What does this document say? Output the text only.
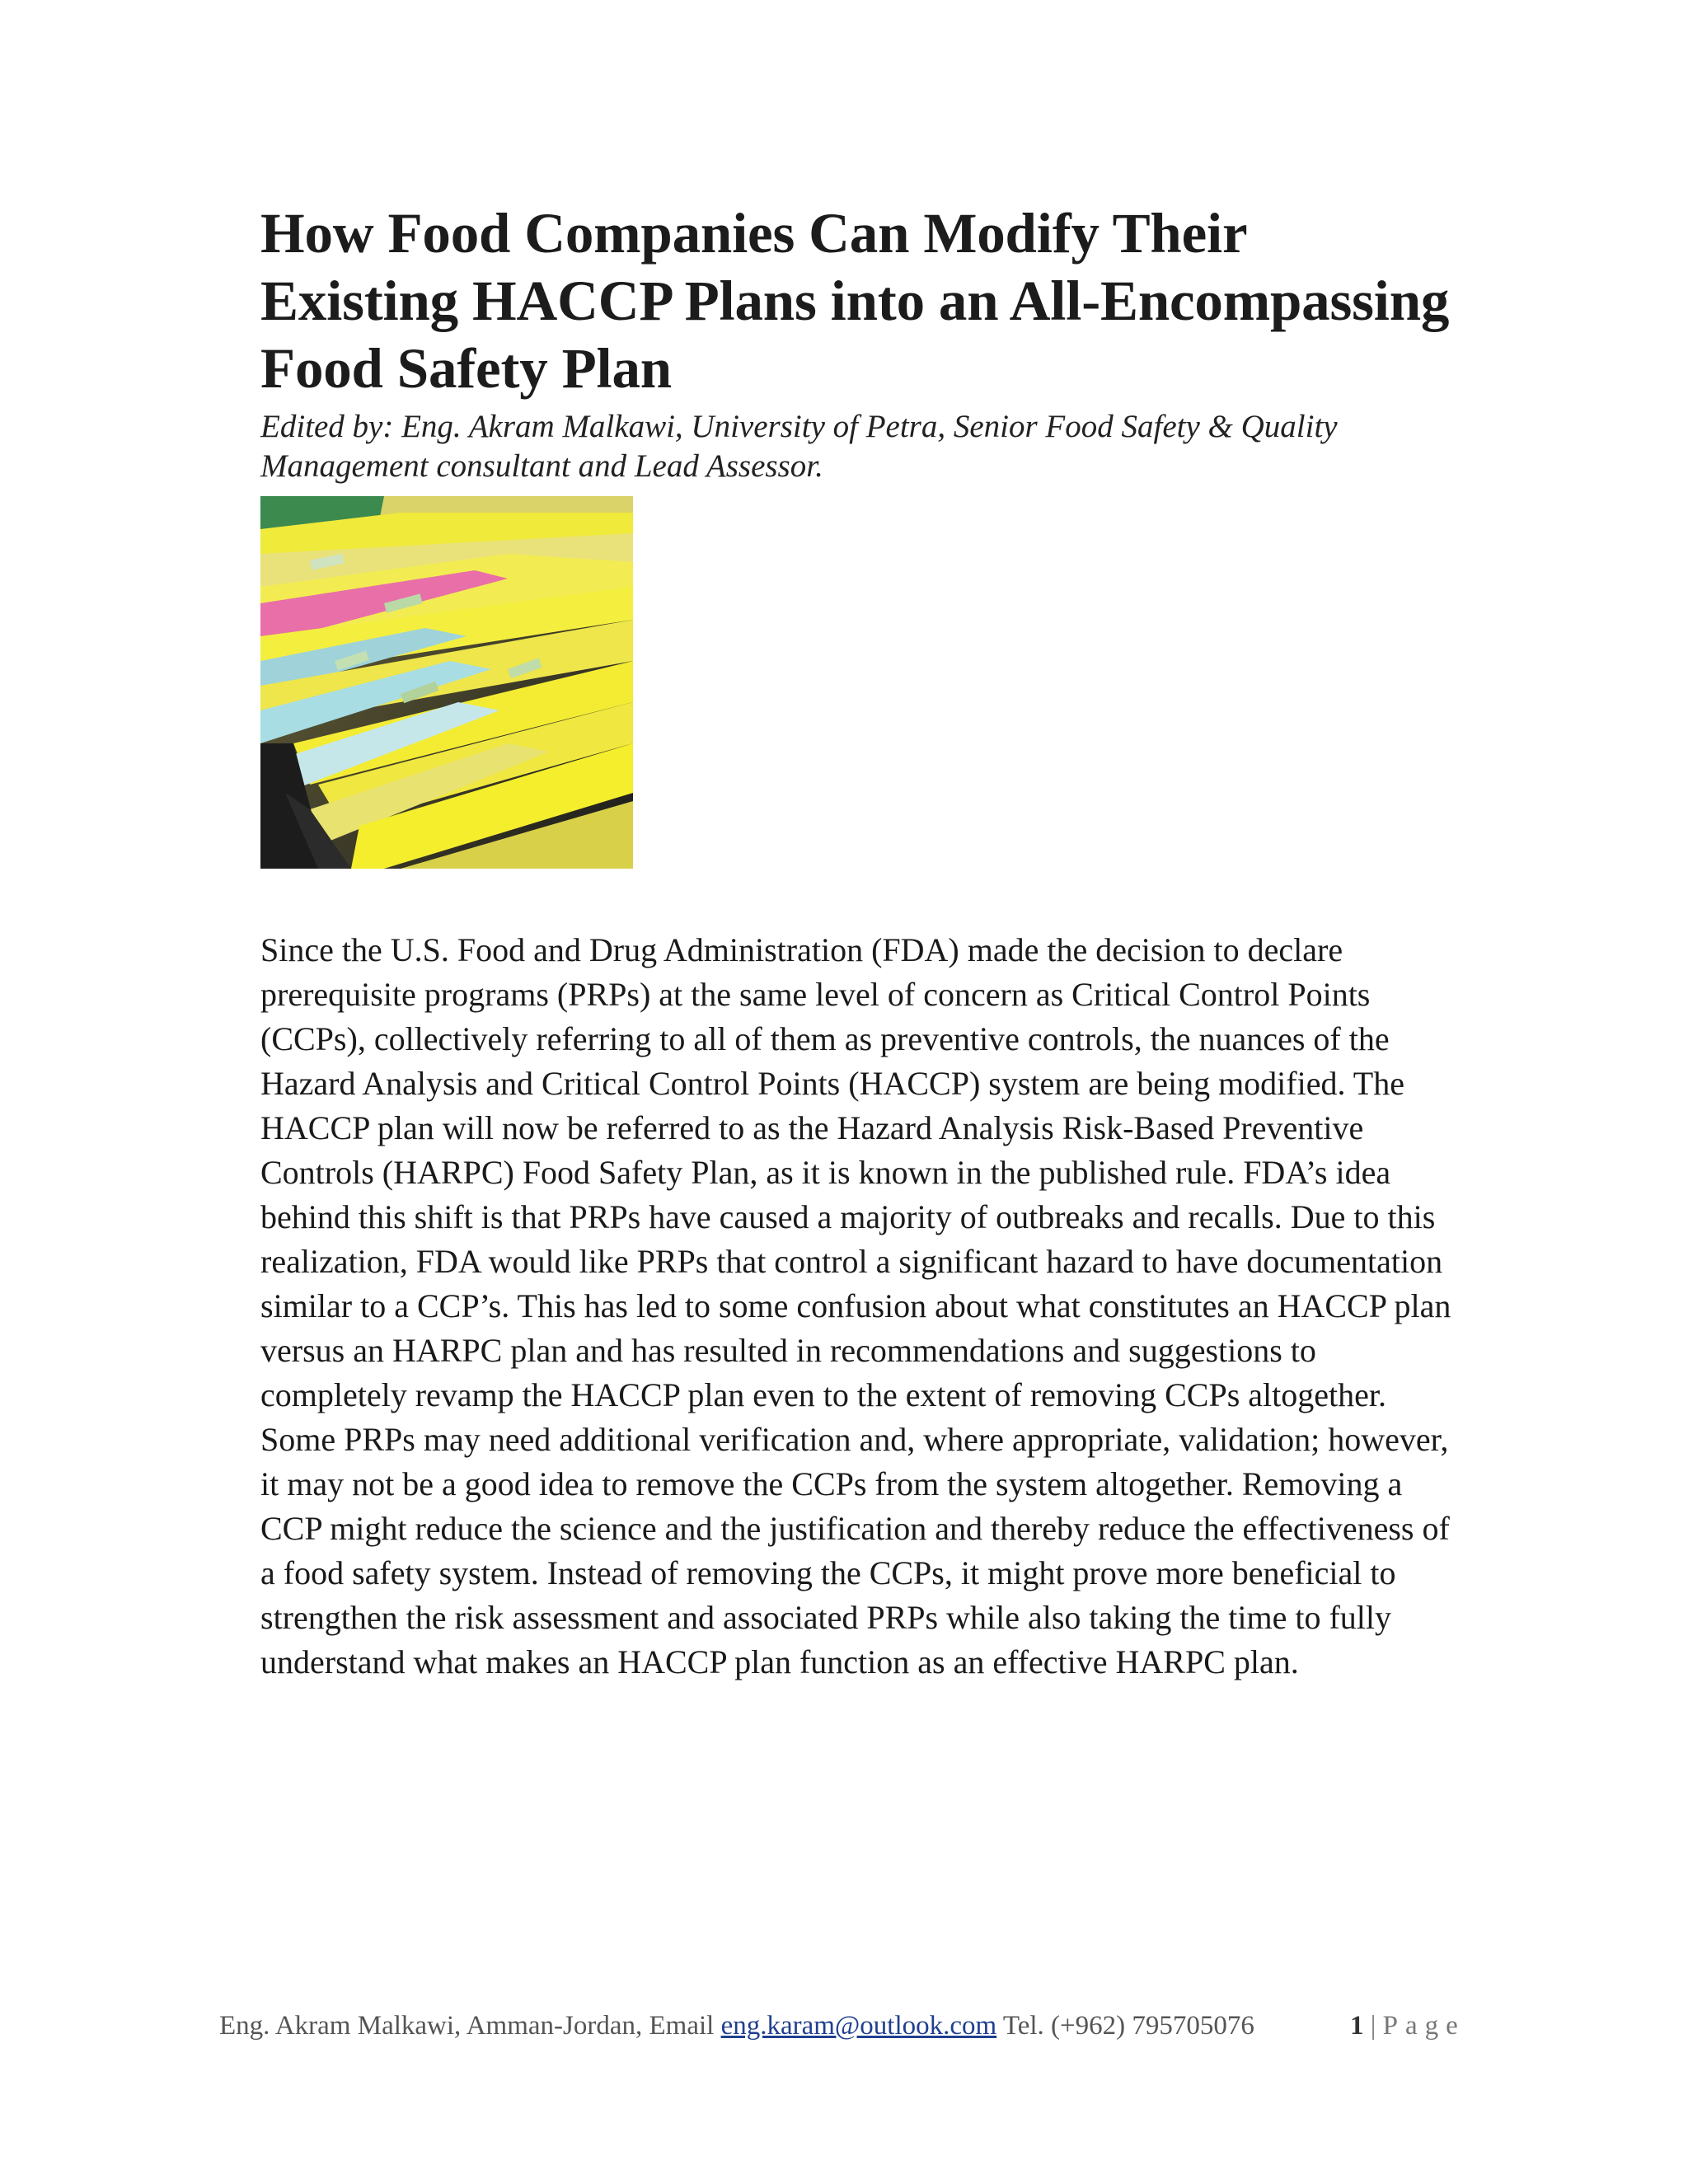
How Food Companies Can Modify Their Existing HACCP Plans into an All-Encompassing Food Safety Plan

Edited by: Eng. Akram Malkawi, University of Petra, Senior Food Safety & Quality Management consultant and Lead Assessor.

Since the U.S. Food and Drug Administration (FDA) made the decision to declare prerequisite programs (PRPs) at the same level of concern as Critical Control Points (CCPs), collectively referring to all of them as preventive controls, the nuances of the Hazard Analysis and Critical Control Points (HACCP) system are being modified. The HACCP plan will now be referred to as the Hazard Analysis Risk-Based Preventive Controls (HARPC) Food Safety Plan, as it is known in the published rule. FDA’s idea behind this shift is that PRPs have caused a majority of outbreaks and recalls. Due to this realization, FDA would like PRPs that control a significant hazard to have documentation similar to a CCP’s. This has led to some confusion about what constitutes an HACCP plan versus an HARPC plan and has resulted in recommendations and suggestions to completely revamp the HACCP plan even to the extent of removing CCPs altogether. Some PRPs may need additional verification and, where appropriate, validation; however, it may not be a good idea to remove the CCPs from the system altogether. Removing a CCP might reduce the science and the justification and thereby reduce the effectiveness of a food safety system. Instead of removing the CCPs, it might prove more beneficial to strengthen the risk assessment and associated PRPs while also taking the time to fully understand what makes an HACCP plan function as an effective HARPC plan.

Eng. Akram Malkawi, Amman-Jordan, Email eng.karam@outlook.com Tel. (+962) 795705076	1 | Page
